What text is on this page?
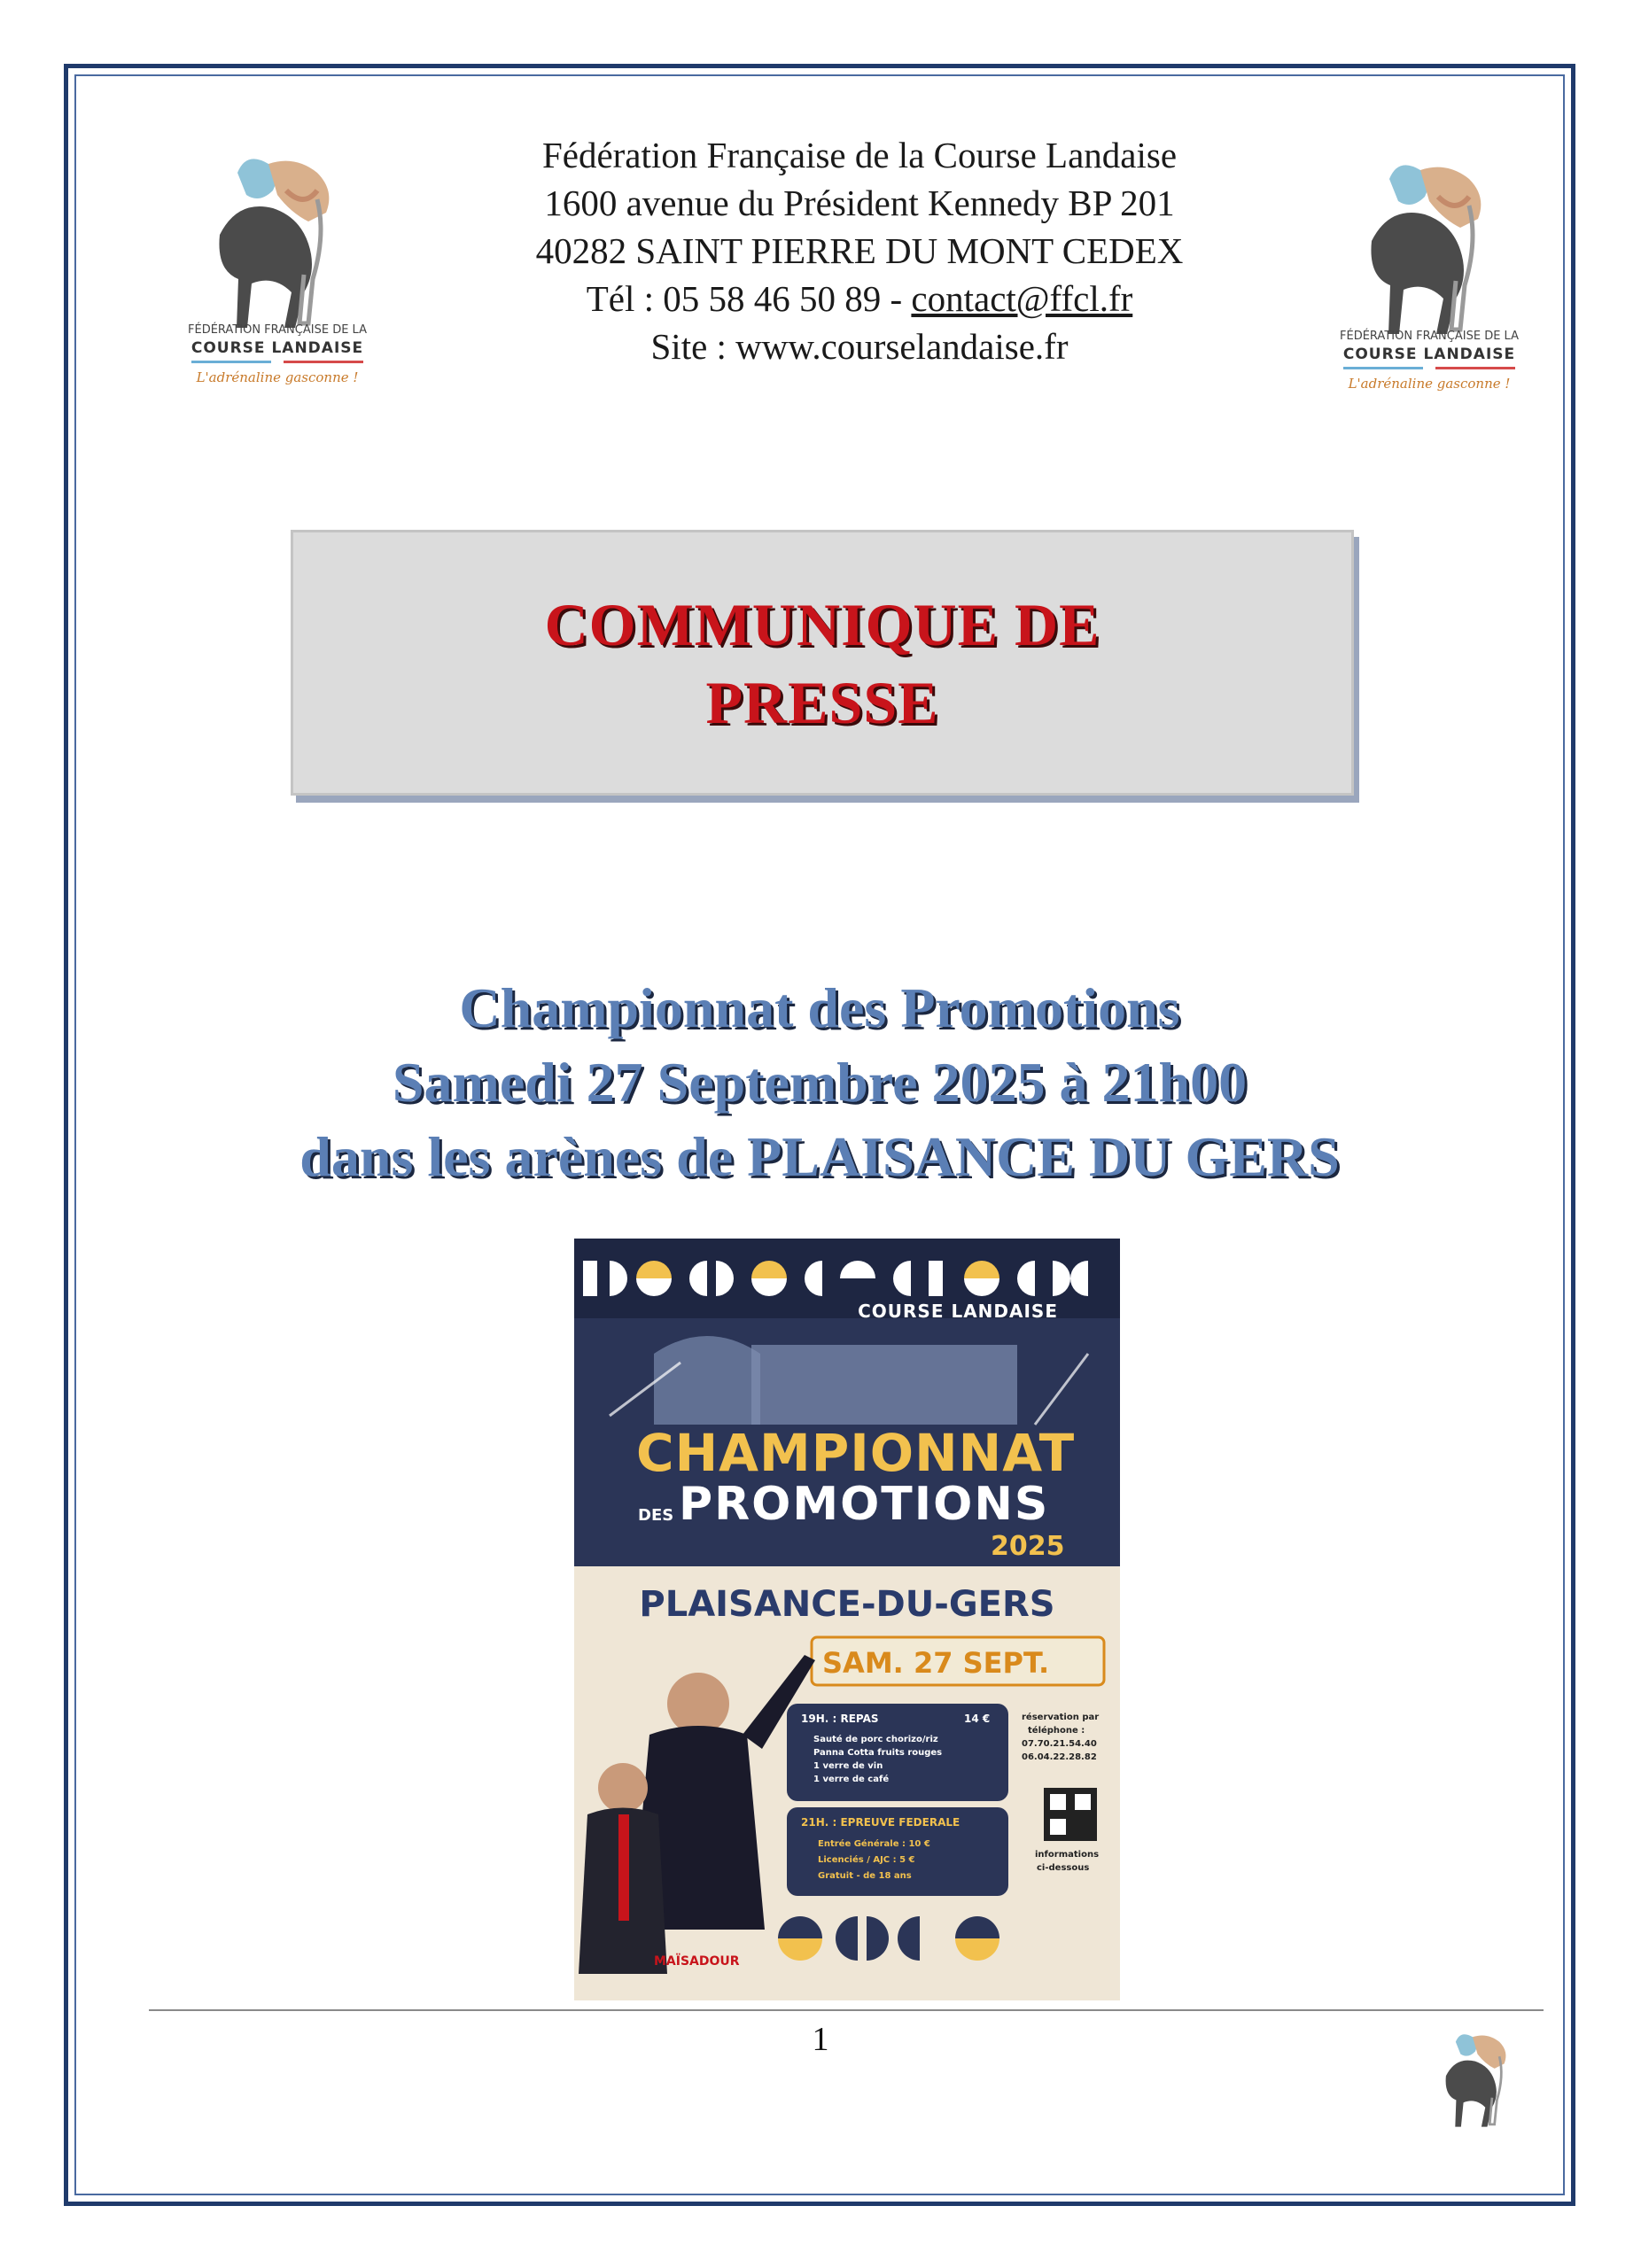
FÉDÉRATION FRANÇAISE DE LA
COURSE LANDAISE
L'adrénaline gasconne !
FÉDÉRATION FRANÇAISE DE LA
COURSE LANDAISE
L'adrénaline gasconne !
Fédération Française de la Course Landaise
1600 avenue du Président Kennedy BP 201
40282 SAINT PIERRE DU MONT CEDEX
Tél : 05 58 46 50 89 - contact@ffcl.fr
Site : www.courselandaise.fr
COMMUNIQUE DE
PRESSE
Championnat des Promotions
Samedi 27 Septembre 2025 à 21h00
dans les arènes de PLAISANCE DU GERS
COURSE LANDAISE
CHAMPIONNAT
DES PROMOTIONS
2025
PLAISANCE-DU-GERS
SAM. 27 SEPT.
19H. : REPAS	14 €
Sauté de porc chorizo/riz
Panna Cotta fruits rouges
1 verre de vin
1 verre de café
réservation par
téléphone :
07.70.21.54.40
06.04.22.28.82
21H. : EPREUVE FEDERALE
Entrée Générale : 10 €
Licenciés / AJC : 5 €
Gratuit - de 18 ans
informations
ci-dessous
MAÏSADOUR
1
